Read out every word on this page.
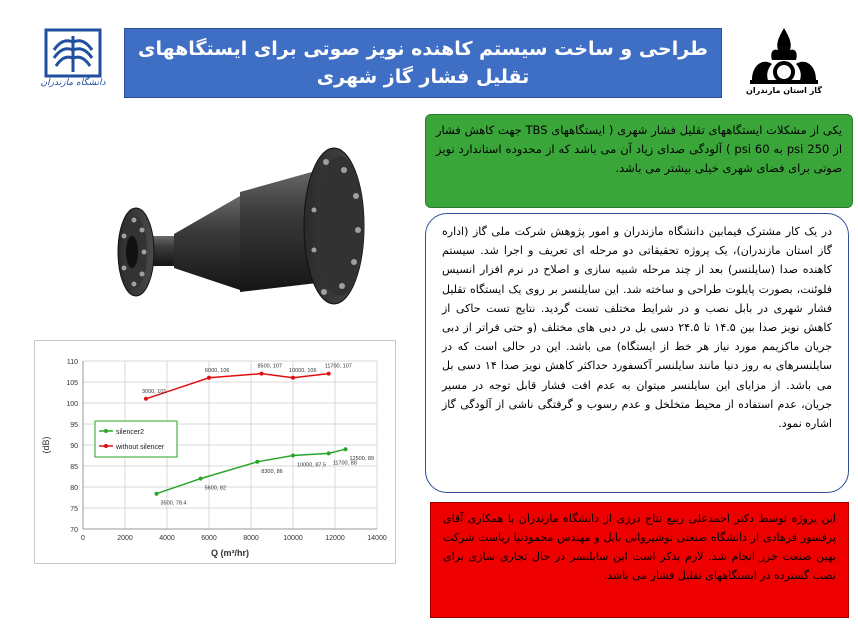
دانشگاه مازندران
طراحی و ساخت سیستم کاهنده نویز صوتی برای ایستگاههای
تقلیل فشار گاز شهری
گاز استان مازندران
یکی از مشکلات ایستگاههای تقلیل فشار شهری ( ایستگاههای TBS جهت کاهش فشار از 250 psi به 60 psi ) آلودگی صدای زیاد آن می باشد که از محدوده استاندارد نویز صوتی برای فضای شهری خیلی بیشتر می باشد.
در یک کار مشترک فیمابین دانشگاه مازندران و امور پژوهش شرکت ملی گاز (اداره گاز استان مازندران)، یک پروژه تحقیقاتی دو مرحله ای تعریف و اجرا شد. سیستم کاهنده صدا (سایلنسر) بعد از چند مرحله شبیه سازی و اصلاح در نرم افزار انسیس فلوئنت، بصورت پایلوت طراحی و ساخته شد. این سایلنسر بر روی یک ایستگاه تقلیل فشار شهری در بابل نصب و در شرایط مختلف تست گردید. نتایج تست حاکی از کاهش نویز صدا بین ۱۴.۵ تا ۲۴.۵ دسی بل در دبی های مختلف (و حتی فراتر از دبی جریان ماکزیمم مورد نیاز هر خط از ایستگاه) می باشد. این در حالی است که در سایلنسرهای به روز دنیا مانند سایلنسر آکسفورد حداکثر کاهش نویز صدا ۱۴ دسی بل می باشد. از مزایای این سایلنسر میتوان به عدم افت فشار قابل توجه در مسیر جریان، عدم استفاده از محیط متخلخل و عدم رسوب و گرفتگی ناشی از آلودگی گاز اشاره نمود.
این پروژه توسط دکتر احمدعلی ربیع نتاج درزی از دانشگاه مازندران با همکاری آقای پرفسور فرهادی از دانشگاه صنعتی نوشیروانی بابل و مهندس محمودنیا ریاست شرکت بهین صنعت خزر انجام شد. لازم بذکر است این سایلنسر در حال تجاری سازی برای نصب گسترده در ایستگاههای تقلیل فشار می باشد.
70
75
80
85
90
95
100
105
110
0	2000	4000	6000	8000	10000	12000	14000
Q (m³/hr)
(dB)
3500, 78.4
5600, 82
8300, 86
10000, 87.5 11700, 88
12500, 89
3000, 101
6000, 106
8500, 107
10000, 106
11700, 107
silencer2
without silencer
